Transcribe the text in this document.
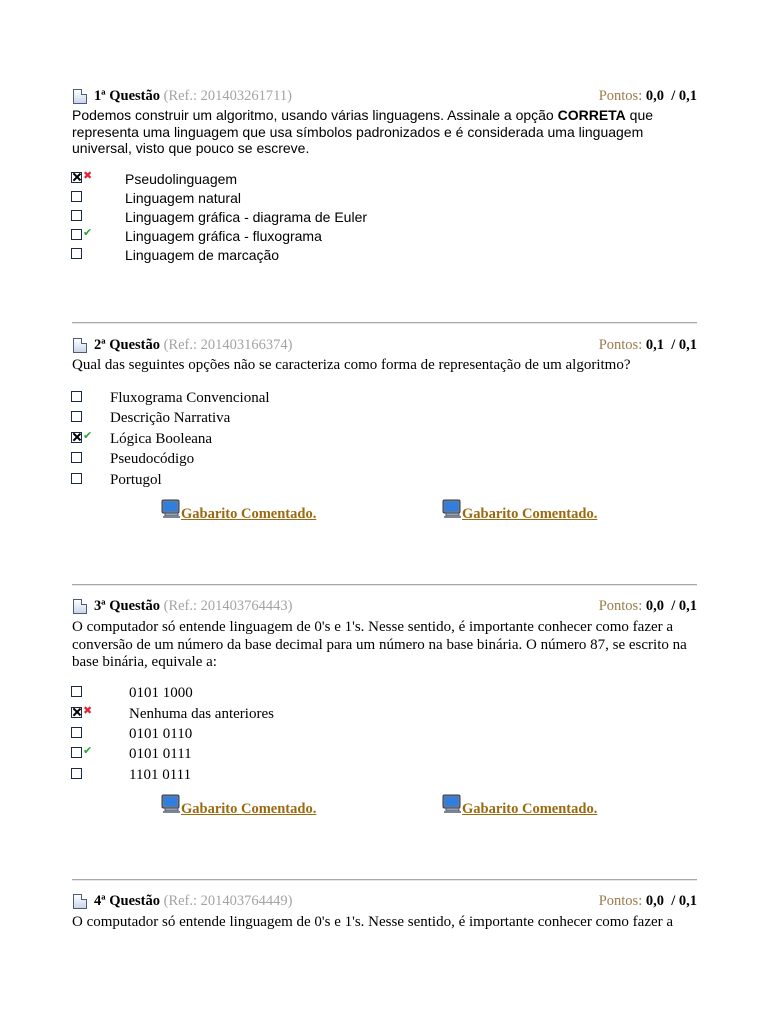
1ª Questão (Ref.: 201403261711)	Pontos: 0,0 / 0,1
Podemos construir um algoritmo, usando várias linguagens. Assinale a opção CORRETA que representa uma linguagem que usa símbolos padronizados e é considerada uma linguagem universal, visto que pouco se escreve.
✖ Pseudolinguagem
Linguagem natural
Linguagem gráfica - diagrama de Euler
✔ Linguagem gráfica - fluxograma
Linguagem de marcação
2ª Questão (Ref.: 201403166374)	Pontos: 0,1 / 0,1
Qual das seguintes opções não se caracteriza como forma de representação de um algoritmo?
Fluxograma Convencional
Descrição Narrativa
✔ Lógica Booleana
Pseudocódigo
Portugol
Gabarito Comentado.	Gabarito Comentado.
3ª Questão (Ref.: 201403764443)	Pontos: 0,0 / 0,1
O computador só entende linguagem de 0's e 1's. Nesse sentido, é importante conhecer como fazer a conversão de um número da base decimal para um número na base binária. O número 87, se escrito na base binária, equivale a:
0101 1000
✖ Nenhuma das anteriores
0101 0110
✔ 0101 0111
1101 0111
Gabarito Comentado.	Gabarito Comentado.
4ª Questão (Ref.: 201403764449)	Pontos: 0,0 / 0,1
O computador só entende linguagem de 0's e 1's. Nesse sentido, é importante conhecer como fazer a
